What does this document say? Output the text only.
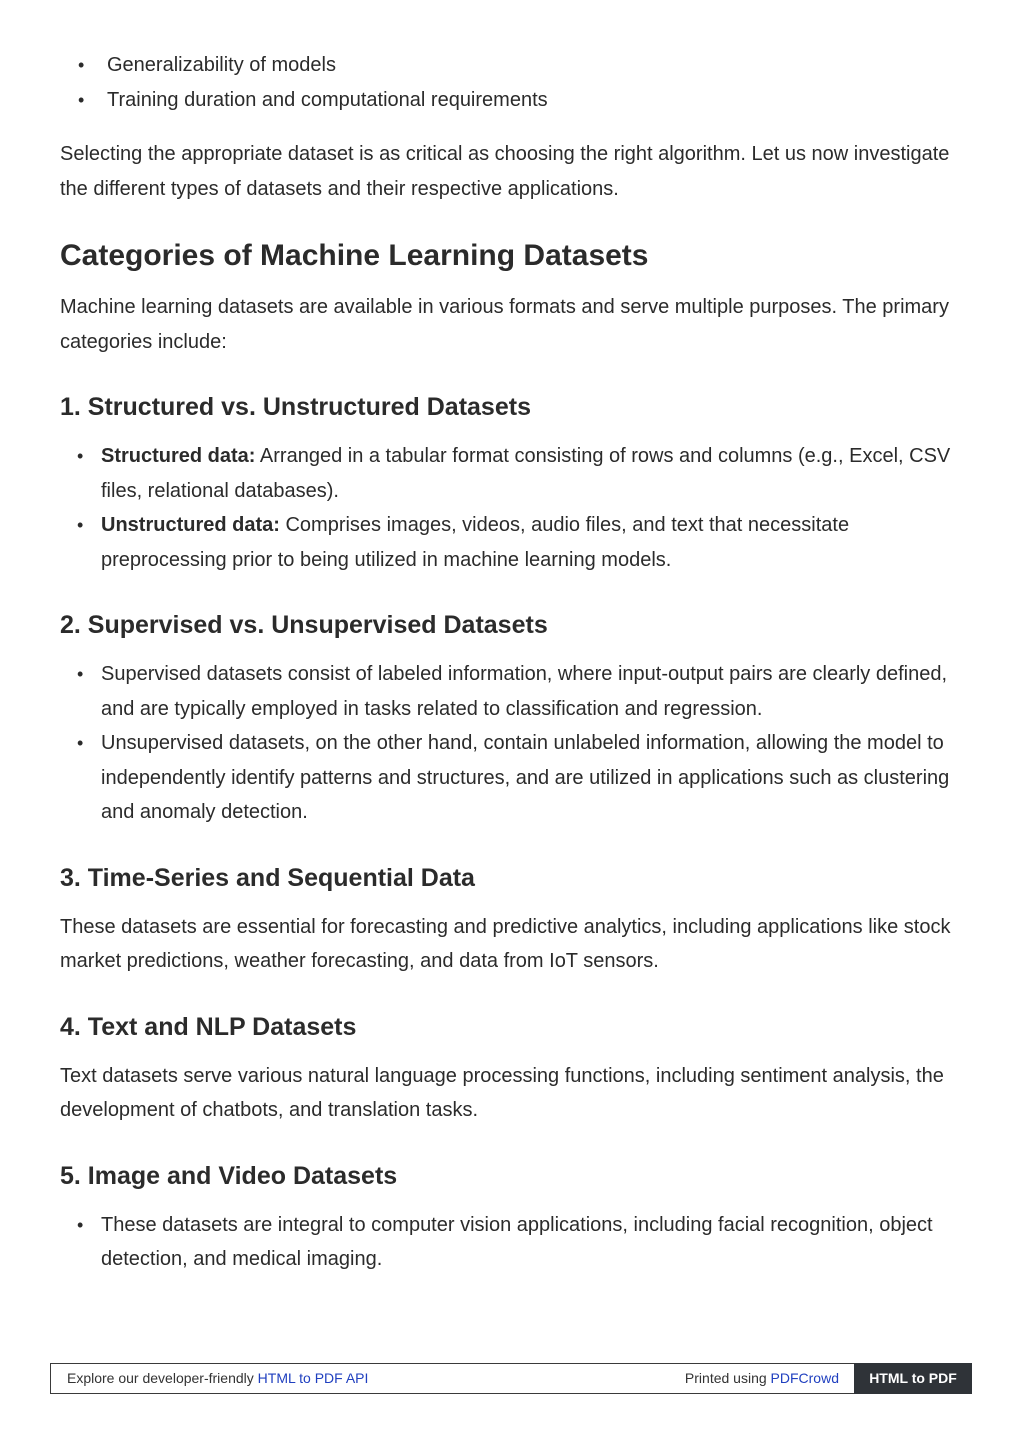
• Generalizability of models
• Training duration and computational requirements

Selecting the appropriate dataset is as critical as choosing the right algorithm. Let us now investigate the different types of datasets and their respective applications.

Categories of Machine Learning Datasets

Machine learning datasets are available in various formats and serve multiple purposes. The primary categories include:

1. Structured vs. Unstructured Datasets
• Structured data: Arranged in a tabular format consisting of rows and columns (e.g., Excel, CSV files, relational databases).
• Unstructured data: Comprises images, videos, audio files, and text that necessitate preprocessing prior to being utilized in machine learning models.
2. Supervised vs. Unsupervised Datasets
• Supervised datasets consist of labeled information, where input-output pairs are clearly defined, and are typically employed in tasks related to classification and regression.
• Unsupervised datasets, on the other hand, contain unlabeled information, allowing the model to independently identify patterns and structures, and are utilized in applications such as clustering and anomaly detection.
3. Time-Series and Sequential Data

These datasets are essential for forecasting and predictive analytics, including applications like stock market predictions, weather forecasting, and data from IoT sensors.

4. Text and NLP Datasets

Text datasets serve various natural language processing functions, including sentiment analysis, the development of chatbots, and translation tasks.

5. Image and Video Datasets
• These datasets are integral to computer vision applications, including facial recognition, object detection, and medical imaging.
Explore our developer-friendly HTML to PDF API	Printed using PDFCrowd	HTML to PDF
